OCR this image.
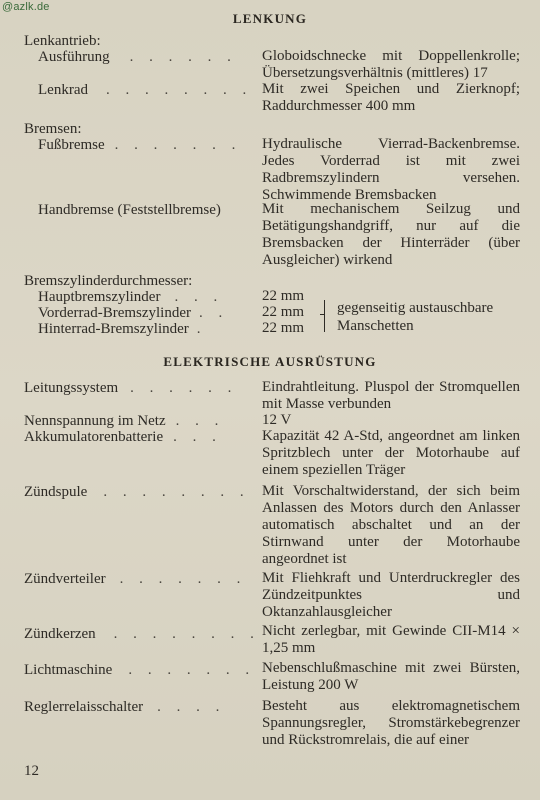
@azlk.de
LENKUNG
Lenkantrieb:
Ausführung . . . . . . Globoidschnecke mit Doppellenkrolle; Übersetzungsverhältnis (mittleres) 17
Lenkrad . . . . . . . . Mit zwei Speichen und Zierknopf; Raddurchmesser 400 mm
Bremsen:
Fußbremse . . . . . . . Hydraulische Vierrad-Backenbremse. Jedes Vorderrad ist mit zwei Radbremszylindern versehen. Schwimmende Bremsbacken
Handbremse (Feststellbremse)	Mit mechanischem Seilzug und Betätigungshandgriff, nur auf die Bremsbacken der Hinterräder (über Ausgleicher) wirkend
Bremszylinderdurchmesser:
Hauptbremszylinder . . .	22 mm
Vorderrad-Bremszylinder . . 22 mm
Hinterrad-Bremszylinder .	22 mm
gegenseitig austauschbare
Manschetten
ELEKTRISCHE AUSRÜSTUNG
Leitungssystem . . . . . . Eindrahtleitung. Pluspol der Stromquellen mit Masse verbunden
Nennspannung im Netz . . .	12 V
Akkumulatorenbatterie . . .	Kapazität 42 A-Std, angeordnet am linken Spritzblech unter der Motorhaube auf einem speziellen Träger
Zündspule . . . . . . . . Mit Vorschaltwiderstand, der sich beim Anlassen des Motors durch den Anlasser automatisch abschaltet und an der Stirnwand unter der Motorhaube angeordnet ist
Zündverteiler . . . . . . . Mit Fliehkraft und Unterdruckregler des Zündzeitpunktes und Oktanzahlausgleicher
Zündkerzen . . . . . . . . Nicht zerlegbar, mit Gewinde CII-M14 × 1,25 mm
Lichtmaschine . . . . . . . Nebenschlußmaschine mit zwei Bürsten, Leistung 200 W
Reglerrelaisschalter . . . . Besteht aus elektromagnetischem Spannungsregler, Stromstärkebegrenzer und Rückstromrelais, die auf einer
12
